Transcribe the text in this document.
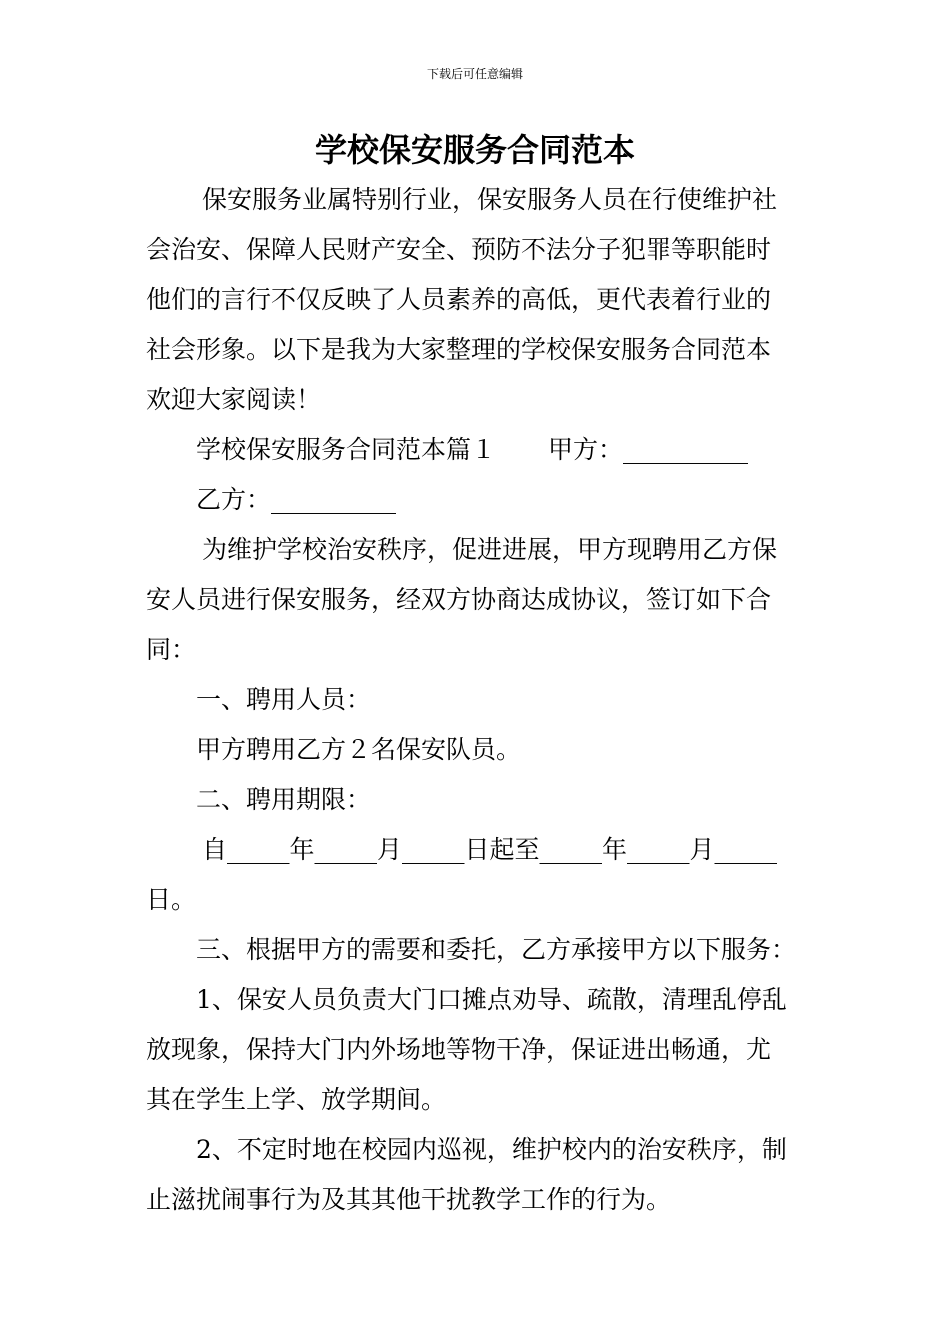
下载后可任意编辑
学校保安服务合同范本

保安服务业属特别行业，保安服务人员在行使维护社

会治安、保障人民财产安全、预防不法分子犯罪等职能时

他们的言行不仅反映了人员素养的高低，更代表着行业的

社会形象。以下是我为大家整理的学校保安服务合同范本

欢迎大家阅读！

学校保安服务合同范本篇１ 甲方：__________

乙方：__________

为维护学校治安秩序，促进进展，甲方现聘用乙方保

安人员进行保安服务，经双方协商达成协议，签订如下合

同：

一、聘用人员：

甲方聘用乙方２名保安队员。

二、聘用期限：

自_____年_____月_____日起至_____年_____月_____

日。

三、根据甲方的需要和委托，乙方承接甲方以下服务：

1、保安人员负责大门口摊点劝导、疏散，清理乱停乱

放现象，保持大门内外场地等物干净，保证进出畅通，尤

其在学生上学、放学期间。

2、不定时地在校园内巡视，维护校内的治安秩序，制

止滋扰闹事行为及其其他干扰教学工作的行为。
